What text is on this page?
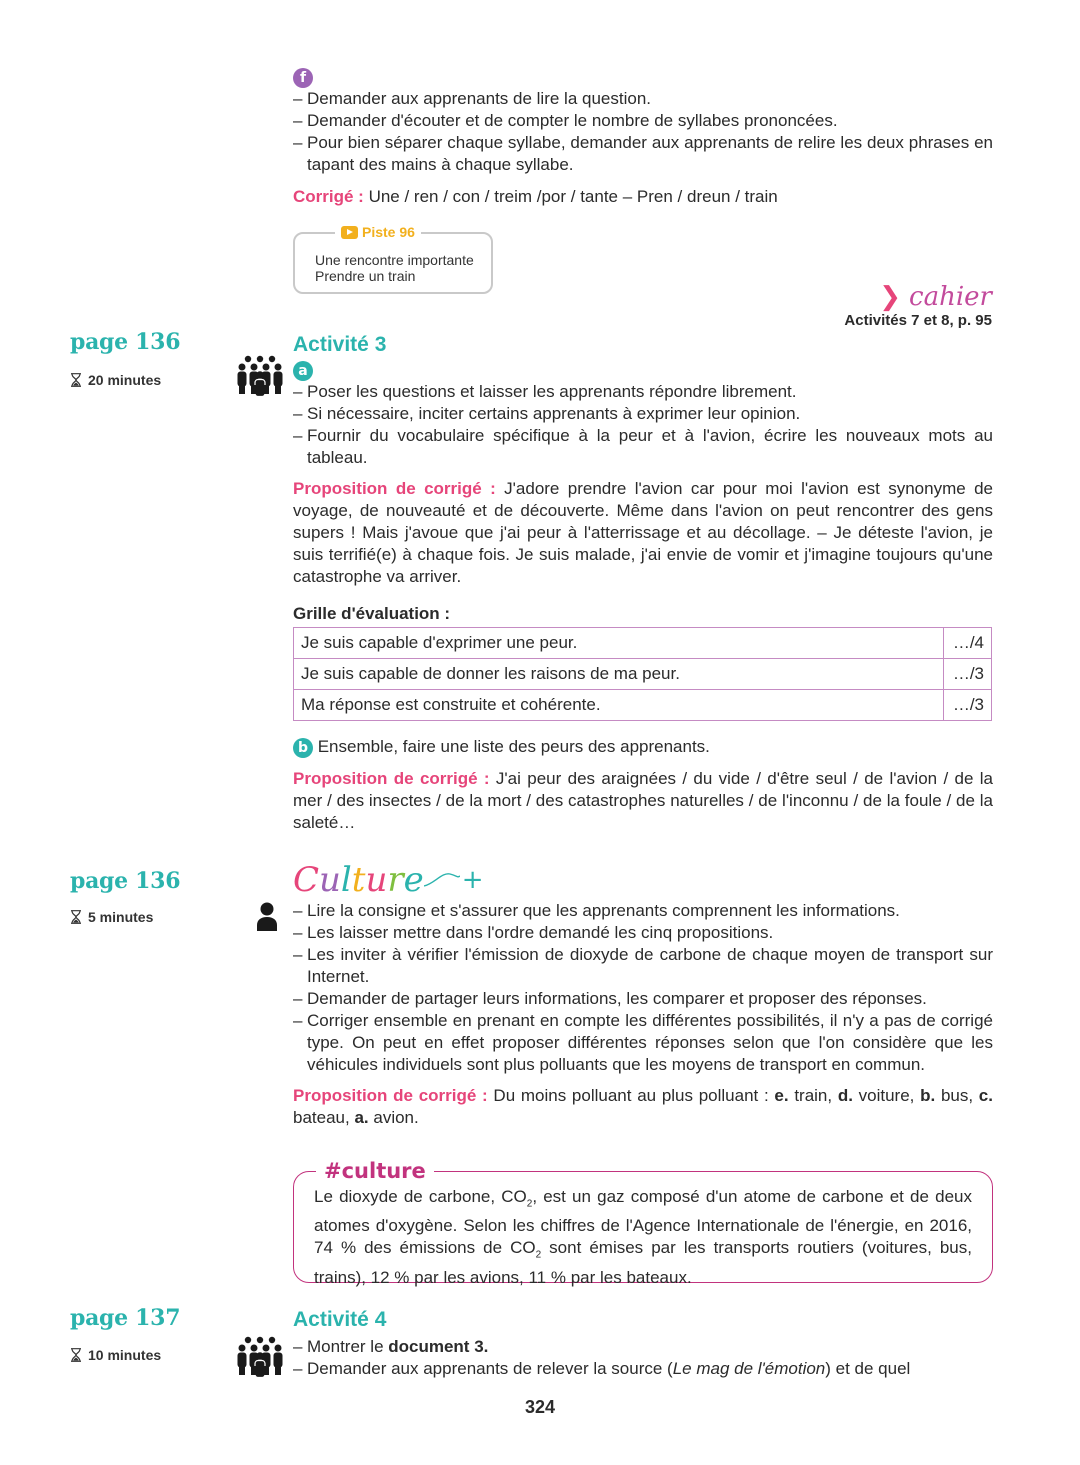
f
– Demander aux apprenants de lire la question.
– Demander d'écouter et de compter le nombre de syllabes prononcées.
– Pour bien séparer chaque syllabe, demander aux apprenants de relire les deux phrases en tapant des mains à chaque syllabe.

Corrigé : Une / ren / con / treim /por / tante – Pren / dreun / train

Piste 96
Une rencontre importante
Prendre un train
❯ cahier
Activités 7 et 8, p. 95
page 136
20 minutes
Activité 3
a
– Poser les questions et laisser les apprenants répondre librement.
– Si nécessaire, inciter certains apprenants à exprimer leur opinion.
– Fournir du vocabulaire spécifique à la peur et à l'avion, écrire les nouveaux mots au tableau.

Proposition de corrigé : J'adore prendre l'avion car pour moi l'avion est synonyme de voyage, de nouveauté et de découverte. Même dans l'avion on peut rencontrer des gens supers ! Mais j'avoue que j'ai peur à l'atterrissage et au décollage. – Je déteste l'avion, je suis terrifié(e) à chaque fois. Je suis malade, j'ai envie de vomir et j'imagine toujours qu'une catastrophe va arriver.

Grille d'évaluation :

Je suis capable d'exprimer une peur.	…/4
Je suis capable de donner les raisons de ma peur.	…/3
Ma réponse est construite et cohérente.	…/3

b Ensemble, faire une liste des peurs des apprenants.

Proposition de corrigé : J'ai peur des araignées / du vide / d'être seul / de l'avion / de la mer / des insectes / de la mort / des catastrophes naturelles / de l'inconnu / de la foule / de la saleté…

page 136
5 minutes
C u l t u r e +
– Lire la consigne et s'assurer que les apprenants comprennent les informations.
– Les laisser mettre dans l'ordre demandé les cinq propositions.
– Les inviter à vérifier l'émission de dioxyde de carbone de chaque moyen de transport sur Internet.
– Demander de partager leurs informations, les comparer et proposer des réponses.
– Corriger ensemble en prenant en compte les différentes possibilités, il n'y a pas de corrigé type. On peut en effet proposer différentes réponses selon que l'on considère que les véhicules individuels sont plus polluants que les moyens de transport en commun.

Proposition de corrigé : Du moins polluant au plus polluant : e. train, d. voiture, b. bus, c. bateau, a. avion.

#culture

Le dioxyde de carbone, $CO_2$, est un gaz composé d'un atome de carbone et de deux atomes d'oxygène. Selon les chiffres de l'Agence Internationale de l'énergie, en 2016, 74 % des émissions de $CO_2$ sont émises par les transports routiers (voitures, bus, trains), 12 % par les avions, 11 % par les bateaux.

page 137
10 minutes
Activité 4
– Montrer le document 3.
– Demander aux apprenants de relever la source (Le mag de l'émotion) et de quel
324
